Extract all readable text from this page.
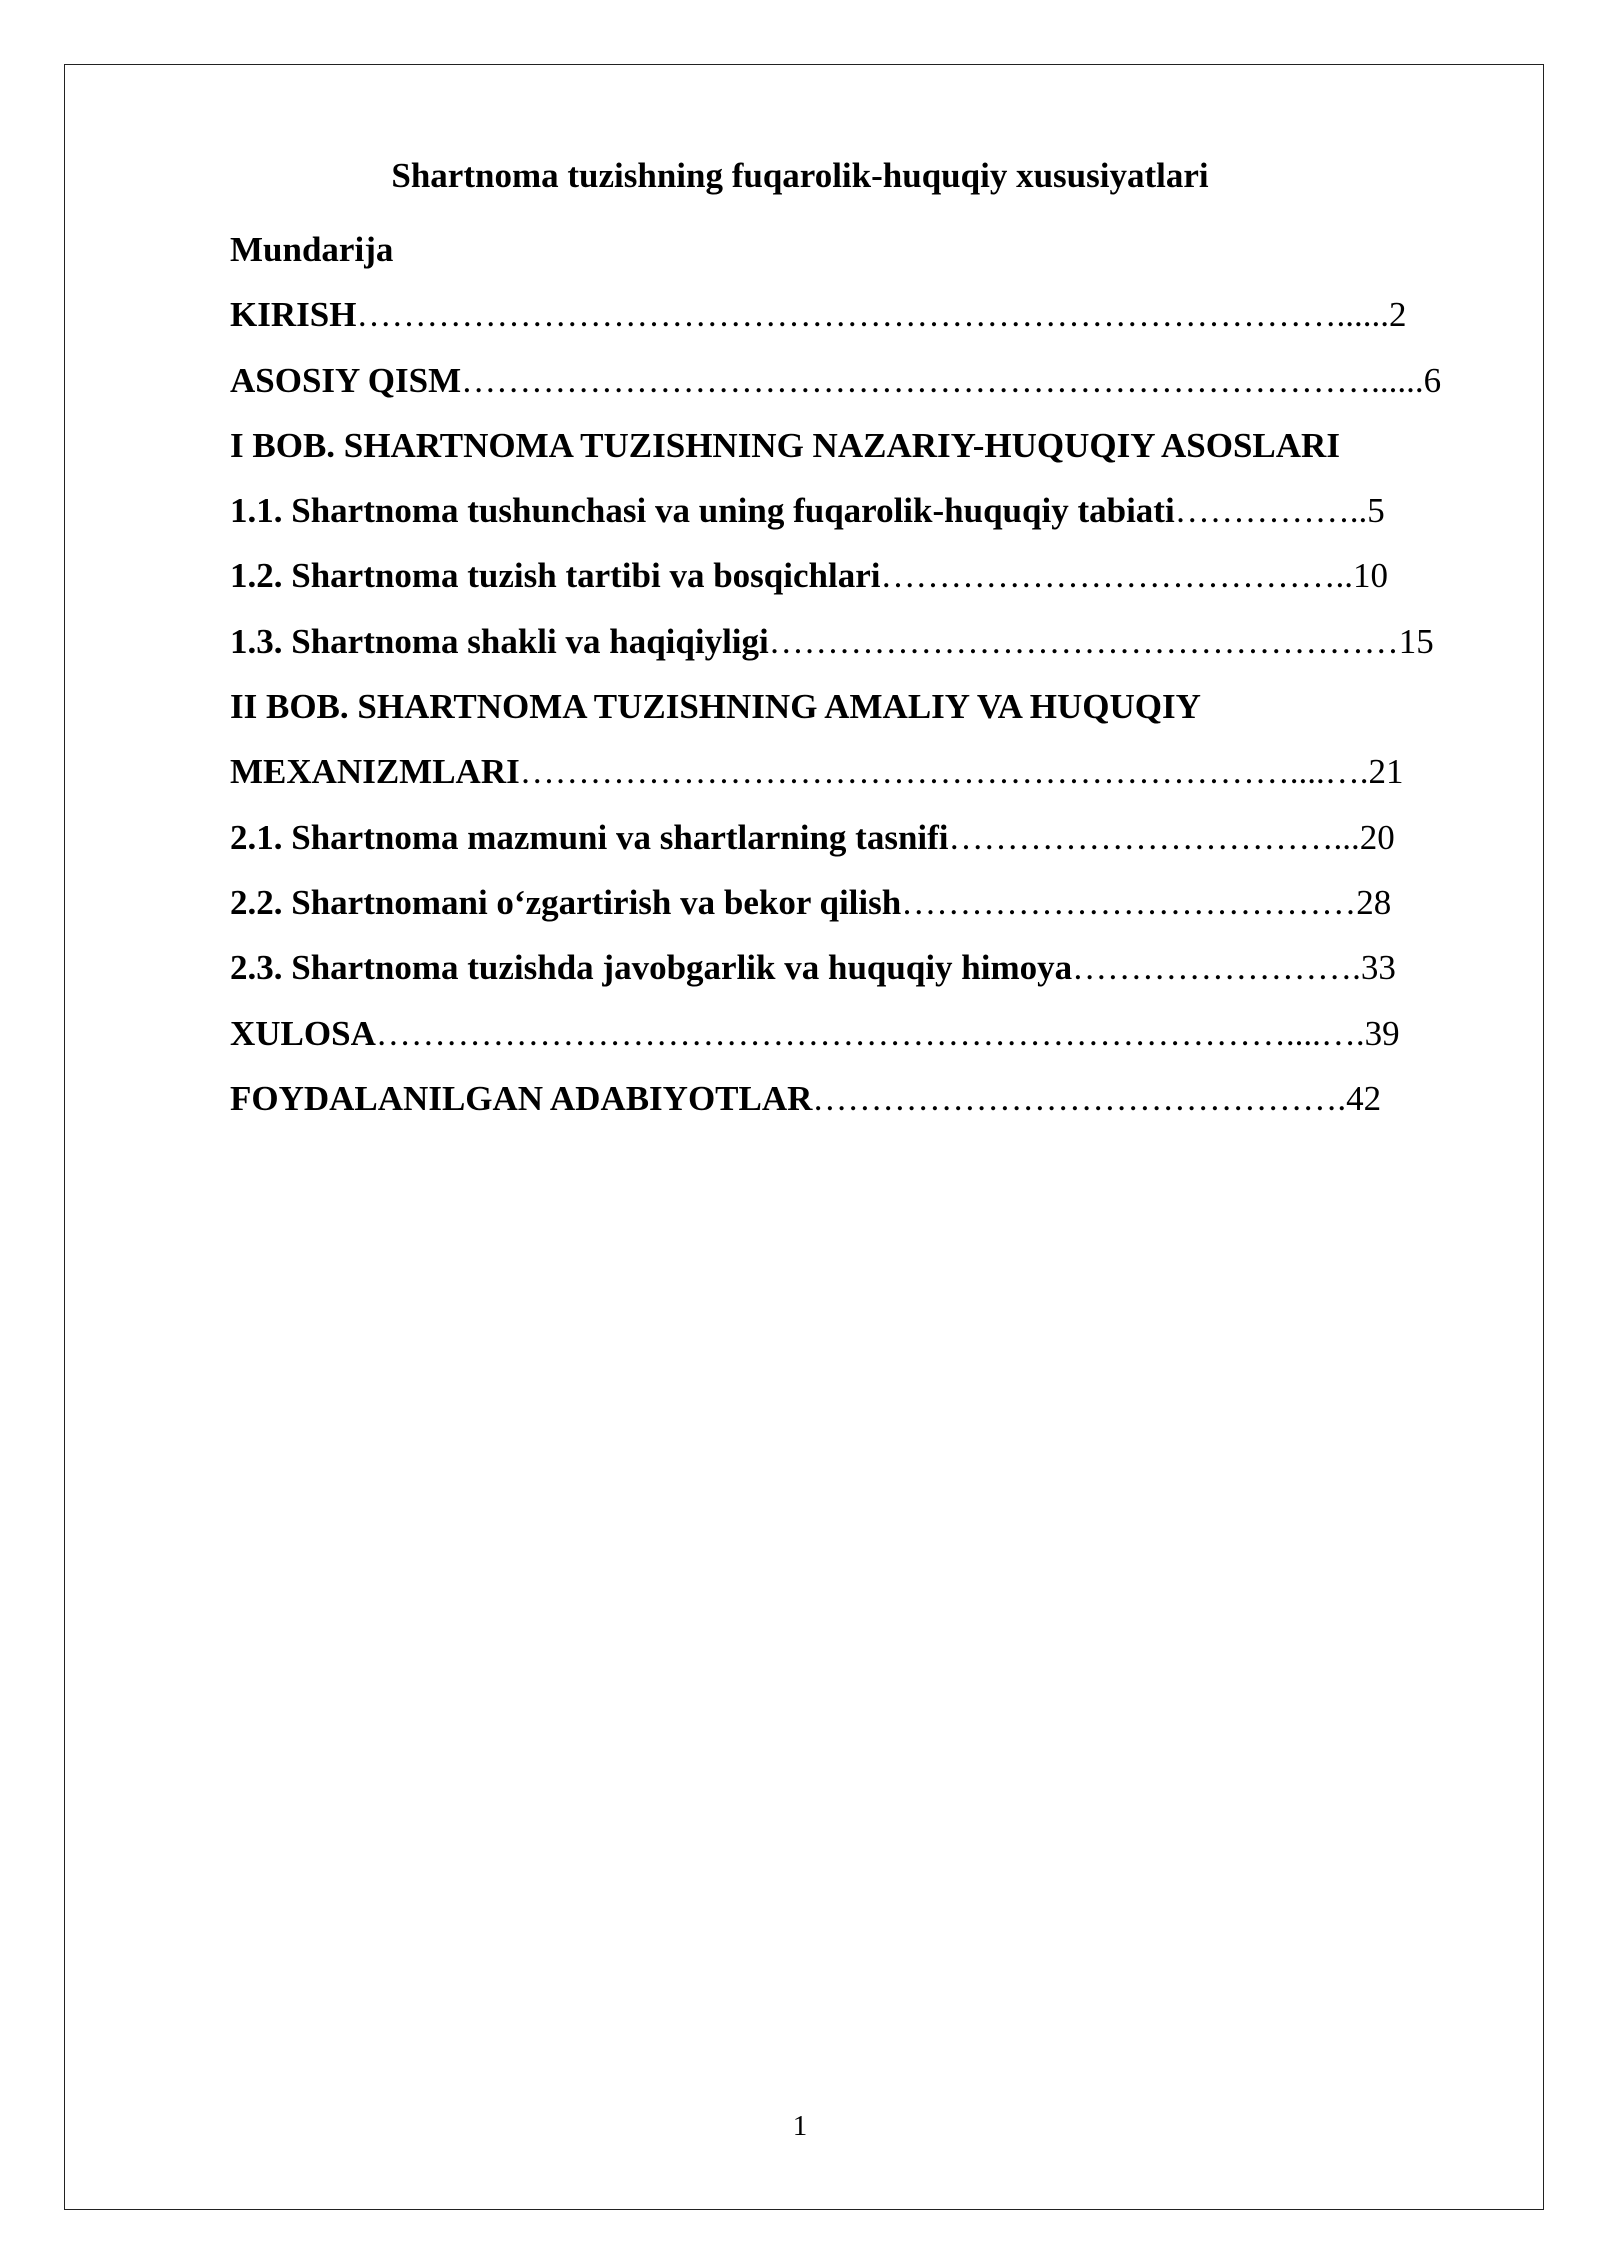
Shartnoma tuzishning fuqarolik-huquqiy xususiyatlari
Mundarija
KIRISH…………………………………………………………………………......2
ASOSIY QISM……………………………………………………………………......6
I BOB. SHARTNOMA TUZISHNING NAZARIY-HUQUQIY ASOSLARI
1.1. Shartnoma tushunchasi va uning fuqarolik-huquqiy tabiati……………..5
1.2. Shartnoma tuzish tartibi va bosqichlari…………………………………..10
1.3. Shartnoma shakli va haqiqiyligi………………………………………………15
II BOB. SHARTNOMA TUZISHNING AMALIY VA HUQUQIY
MEXANIZMLARI…………………………………………………………....….21
2.1. Shartnoma mazmuni va shartlarning tasnifi……………………………...20
2.2. Shartnomani o‘zgartirish va bekor qilish…………………………………28
2.3. Shartnoma tuzishda javobgarlik va huquqiy himoya…………………….33
XULOSA……………………………………………………………………....….39
FOYDALANILGAN ADABIYOTLAR……………………………………….42
1
